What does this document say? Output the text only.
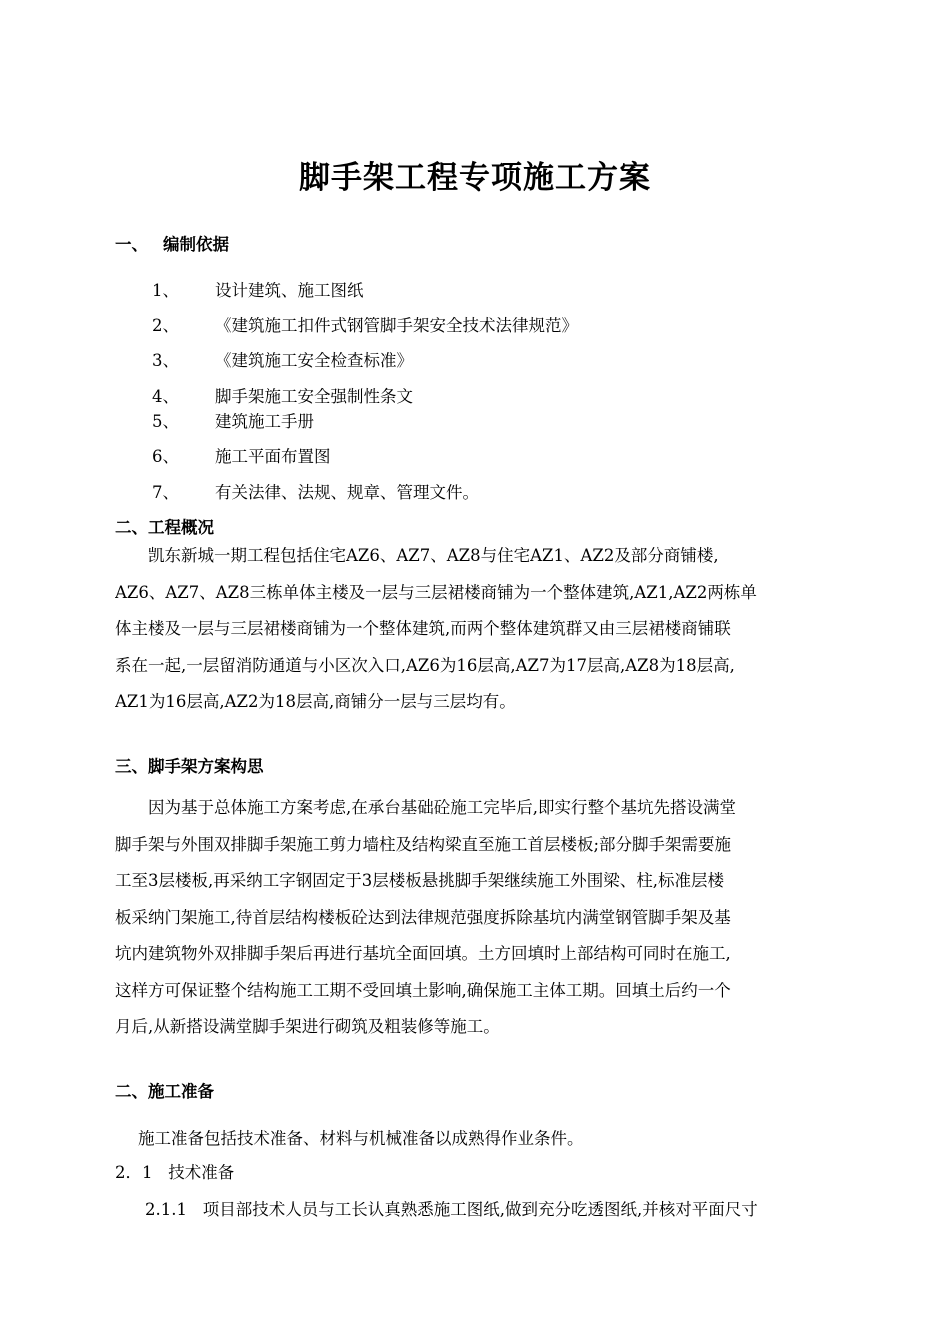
脚手架工程专项施工方案
一、 编制依据
1、 设计建筑、施工图纸
2、 《建筑施工扣件式钢管脚手架安全技术法律规范》
3、 《建筑施工安全检查标准》
4、 脚手架施工安全强制性条文
5、 建筑施工手册
6、 施工平面布置图
7、 有关法律、法规、规章、管理文件。
二、工程概况
　　凯东新城一期工程包括住宅AZ6、AZ7、AZ8与住宅AZ1、AZ2及部分商铺楼,
AZ6、AZ7、AZ8三栋单体主楼及一层与三层裙楼商铺为一个整体建筑,AZ1,AZ2两栋单
体主楼及一层与三层裙楼商铺为一个整体建筑,而两个整体建筑群又由三层裙楼商铺联
系在一起,一层留消防通道与小区次入口,AZ6为16层高,AZ7为17层高,AZ8为18层高,
AZ1为16层高,AZ2为18层高,商铺分一层与三层均有。
三、脚手架方案构思
　　因为基于总体施工方案考虑,在承台基础砼施工完毕后,即实行整个基坑先搭设满堂
脚手架与外围双排脚手架施工剪力墙柱及结构梁直至施工首层楼板;部分脚手架需要施
工至3层楼板,再采纳工字钢固定于3层楼板悬挑脚手架继续施工外围梁、柱,标准层楼
板采纳门架施工,待首层结构楼板砼达到法律规范强度拆除基坑内满堂钢管脚手架及基
坑内建筑物外双排脚手架后再进行基坑全面回填。土方回填时上部结构可同时在施工,
这样方可保证整个结构施工工期不受回填土影响,确保施工主体工期。回填土后约一个
月后,从新搭设满堂脚手架进行砌筑及粗装修等施工。
二、施工准备
施工准备包括技术准备、材料与机械准备以成熟得作业条件。
2．1 技术准备
2.1.1 项目部技术人员与工长认真熟悉施工图纸,做到充分吃透图纸,并核对平面尺寸
